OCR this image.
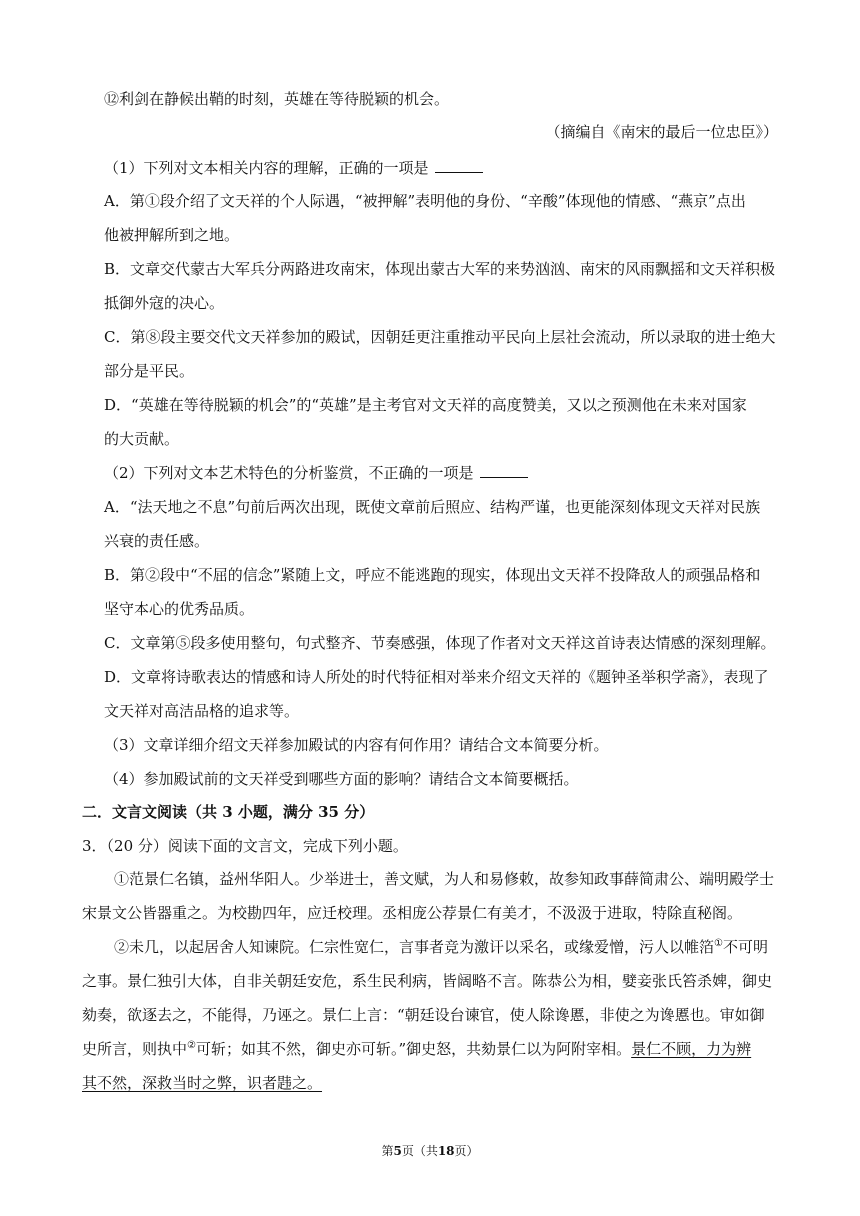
⑫利剑在静候出鞘的时刻，英雄在等待脱颖的机会。
（摘编自《南宋的最后一位忠臣》）
（1）下列对文本相关内容的理解，正确的一项是
A．第①段介绍了文天祥的个人际遇，“被押解”表明他的身份、“辛酸”体现他的情感、“燕京”点出
他被押解所到之地。
B．文章交代蒙古大军兵分两路进攻南宋，体现出蒙古大军的来势汹汹、南宋的风雨飘摇和文天祥积极
抵御外寇的决心。
C．第⑧段主要交代文天祥参加的殿试，因朝廷更注重推动平民向上层社会流动，所以录取的进士绝大
部分是平民。
D．“英雄在等待脱颖的机会”的“英雄”是主考官对文天祥的高度赞美，又以之预测他在未来对国家
的大贡献。
（2）下列对文本艺术特色的分析鉴赏，不正确的一项是
A．“法天地之不息”句前后两次出现，既使文章前后照应、结构严谨，也更能深刻体现文天祥对民族
兴衰的责任感。
B．第②段中“不屈的信念”紧随上文，呼应不能逃跑的现实，体现出文天祥不投降敌人的顽强品格和
坚守本心的优秀品质。
C．文章第⑤段多使用整句，句式整齐、节奏感强，体现了作者对文天祥这首诗表达情感的深刻理解。
D．文章将诗歌表达的情感和诗人所处的时代特征相对举来介绍文天祥的《题钟圣举积学斋》，表现了
文天祥对高洁品格的追求等。
（3）文章详细介绍文天祥参加殿试的内容有何作用？请结合文本简要分析。
（4）参加殿试前的文天祥受到哪些方面的影响？请结合文本简要概括。
二．文言文阅读（共 3 小题，满分 35 分）
3．（20 分）阅读下面的文言文，完成下列小题。
①范景仁名镇，益州华阳人。少举进士，善文赋，为人和易修敕，故参知政事薛简肃公、端明殿学士
宋景文公皆器重之。为校勘四年，应迁校理。丞相庞公荐景仁有美才，不汲汲于进取，特除直秘阁。
②未几，以起居舍人知谏院。仁宗性宽仁，言事者竞为激讦以采名，或缘爱憎，污人以帷箔①不可明
之事。景仁独引大体，自非关朝廷安危，系生民利病，皆阔略不言。陈恭公为相，嬖妾张氏笞杀婢，御史
劾奏，欲逐去之，不能得，乃诬之。景仁上言：“朝廷设台谏官，使人除谗慝，非使之为谗慝也。审如御
史所言，则执中②可斩；如其不然，御史亦可斩。”御史怒，共劾景仁以为阿附宰相。景仁不顾，力为辨
其不然，深救当时之弊，识者韪之。
第5页（共18页）
